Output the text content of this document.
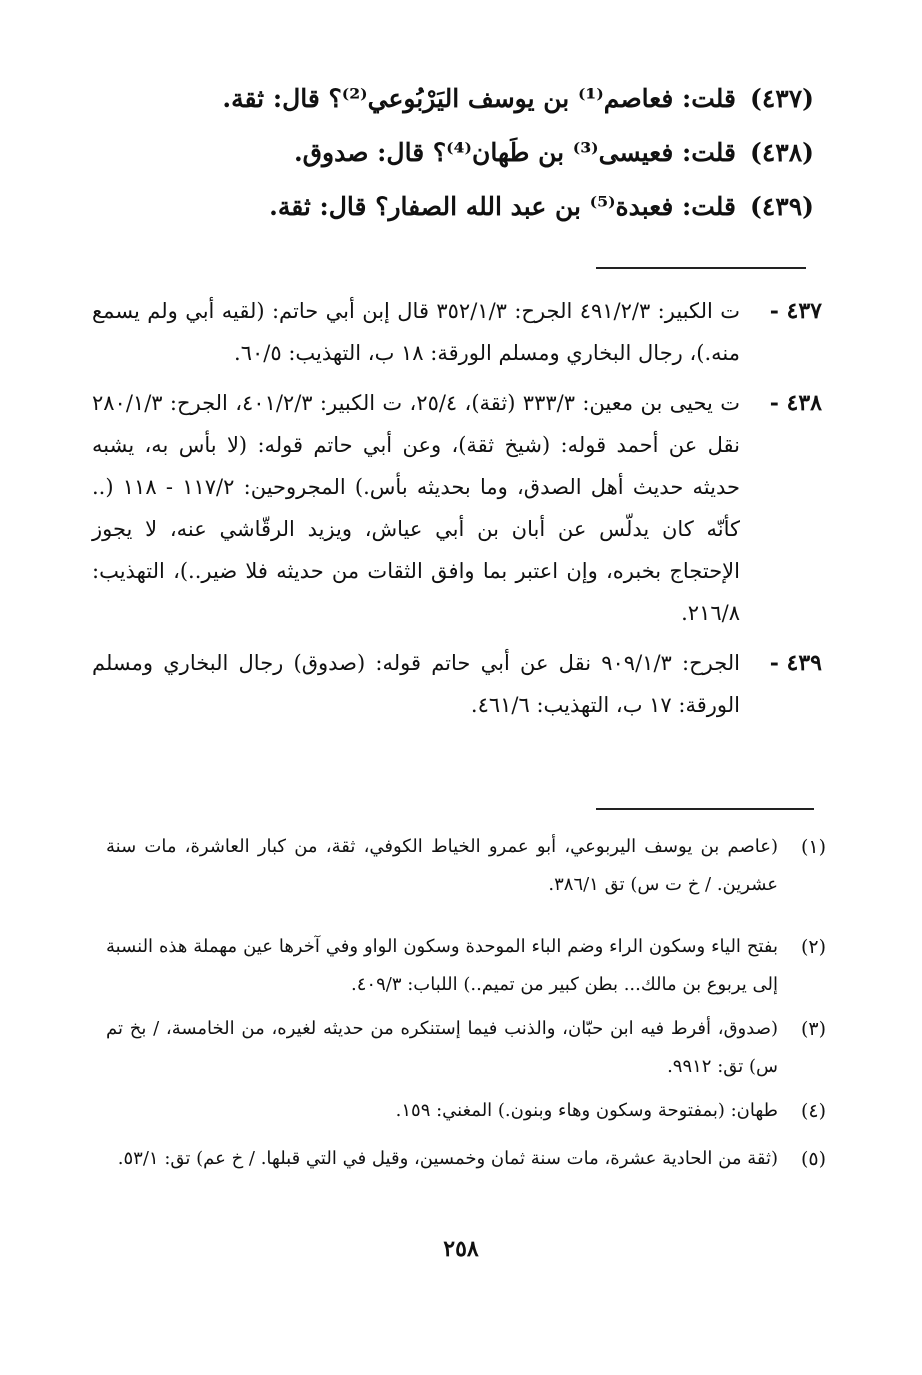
(٤٣٧)قلت: فعاصم⁽¹⁾ بن يوسف اليَرْبُوعي⁽²⁾؟ قال: ثقة.
(٤٣٨)قلت: فعيسى⁽³⁾ بن طَهان⁽⁴⁾؟ قال: صدوق.
(٤٣٩)قلت: فعبدة⁽⁵⁾ بن عبد الله الصفار؟ قال: ثقة.
٤٣٧ -
ت الكبير: ٤٩١/٢/٣ الجرح: ٣٥٢/١/٣ قال إبن أبي حاتم: (لقيه أبي ولم يسمع منه.)، رجال البخاري ومسلم الورقة: ١٨ ب، التهذيب: ٦٠/٥.
٤٣٨ -
ت يحيى بن معين: ٣٣٣/٣ (ثقة)، ٢٥/٤، ت الكبير: ٤٠١/٢/٣، الجرح: ٢٨٠/١/٣ نقل عن أحمد قوله: (شيخ ثقة)، وعن أبي حاتم قوله: (لا بأس به، يشبه حديثه حديث أهل الصدق، وما بحديثه بأس.) المجروحين: ١١٧/٢ - ١١٨ (.. كأنّه كان يدلّس عن أبان بن أبي عياش، ويزيد الرقّاشي عنه، لا يجوز الإحتجاج بخبره، وإن اعتبر بما وافق الثقات من حديثه فلا ضير..)، التهذيب: ٢١٦/٨.
٤٣٩ -
الجرح: ٩٠٩/١/٣ نقل عن أبي حاتم قوله: (صدوق) رجال البخاري ومسلم الورقة: ١٧ ب، التهذيب: ٤٦١/٦.
(١)
(عاصم بن يوسف اليربوعي، أبو عمرو الخياط الكوفي، ثقة، من كبار العاشرة، مات سنة عشرين. / خ ت س) تق ٣٨٦/١.
(٢)
بفتح الياء وسكون الراء وضم الباء الموحدة وسكون الواو وفي آخرها عين مهملة هذه النسبة إلى يربوع بن مالك... بطن كبير من تميم..) اللباب: ٤٠٩/٣.
(٣)
(صدوق، أفرط فيه ابن حبّان، والذنب فيما إستنكره من حديثه لغيره، من الخامسة، / بخ تم س) تق: ٩٩١٢.
(٤)
طهان: (بمفتوحة وسكون وهاء وبنون.) المغني: ١٥٩.
(٥)
(ثقة من الحادية عشرة، مات سنة ثمان وخمسين، وقيل في التي قبلها. / خ عم) تق: ٥٣/١.
٢٥٨
